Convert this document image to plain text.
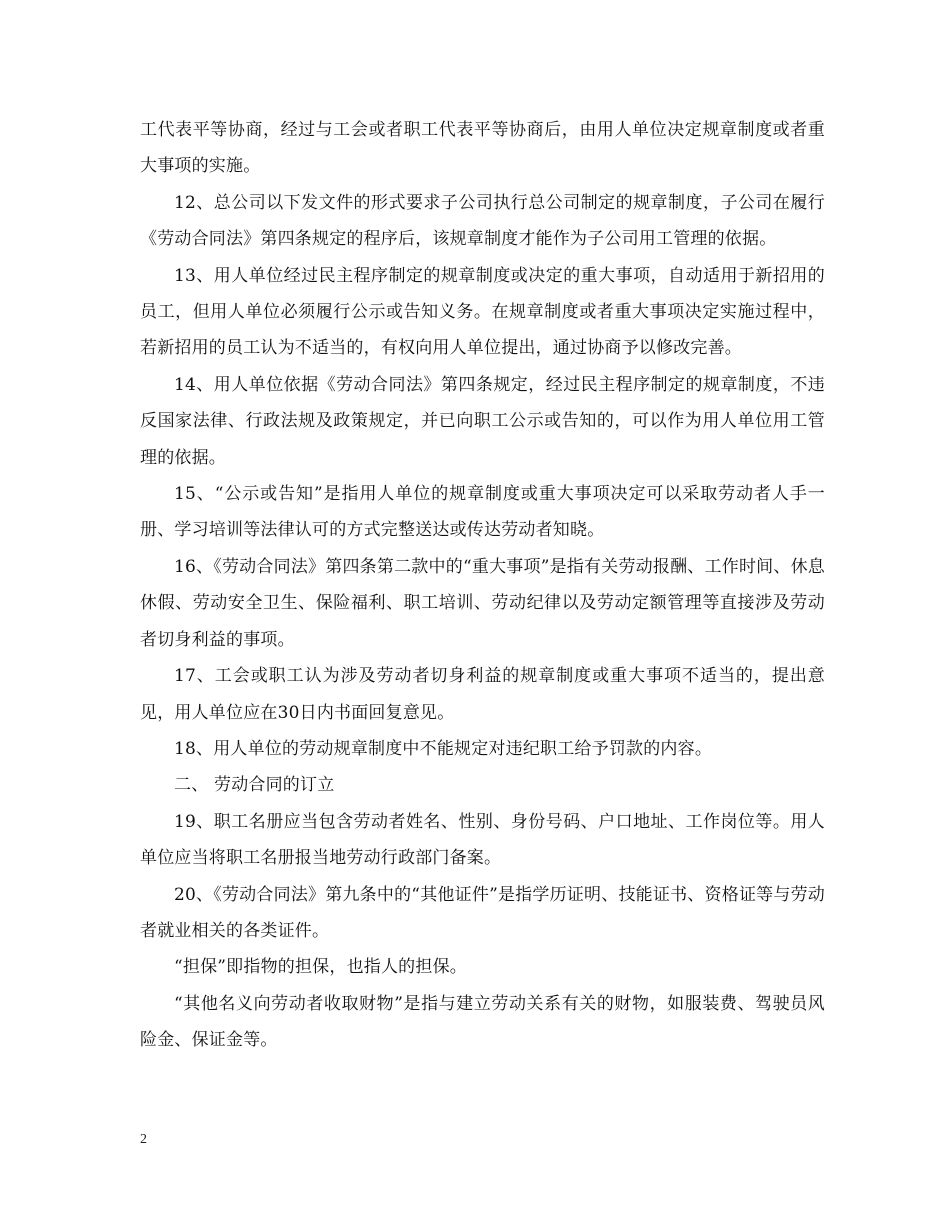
工代表平等协商，经过与工会或者职工代表平等协商后，由用人单位决定规章制度或者重大事项的实施。

12、总公司以下发文件的形式要求子公司执行总公司制定的规章制度，子公司在履行《劳动合同法》第四条规定的程序后，该规章制度才能作为子公司用工管理的依据。

13、用人单位经过民主程序制定的规章制度或决定的重大事项，自动适用于新招用的员工，但用人单位必须履行公示或告知义务。在规章制度或者重大事项决定实施过程中，若新招用的员工认为不适当的，有权向用人单位提出，通过协商予以修改完善。

14、用人单位依据《劳动合同法》第四条规定，经过民主程序制定的规章制度，不违反国家法律、行政法规及政策规定，并已向职工公示或告知的，可以作为用人单位用工管理的依据。

15、“公示或告知”是指用人单位的规章制度或重大事项决定可以采取劳动者人手一册、学习培训等法律认可的方式完整送达或传达劳动者知晓。

16、《劳动合同法》第四条第二款中的“重大事项”是指有关劳动报酬、工作时间、休息休假、劳动安全卫生、保险福利、职工培训、劳动纪律以及劳动定额管理等直接涉及劳动者切身利益的事项。

17、工会或职工认为涉及劳动者切身利益的规章制度或重大事项不适当的，提出意见，用人单位应在30日内书面回复意见。

18、用人单位的劳动规章制度中不能规定对违纪职工给予罚款的内容。

二、 劳动合同的订立

19、职工名册应当包含劳动者姓名、性别、身份号码、户口地址、工作岗位等。用人单位应当将职工名册报当地劳动行政部门备案。

20、《劳动合同法》第九条中的“其他证件”是指学历证明、技能证书、资格证等与劳动者就业相关的各类证件。

“担保”即指物的担保，也指人的担保。

“其他名义向劳动者收取财物”是指与建立劳动关系有关的财物，如服装费、驾驶员风险金、保证金等。

2
